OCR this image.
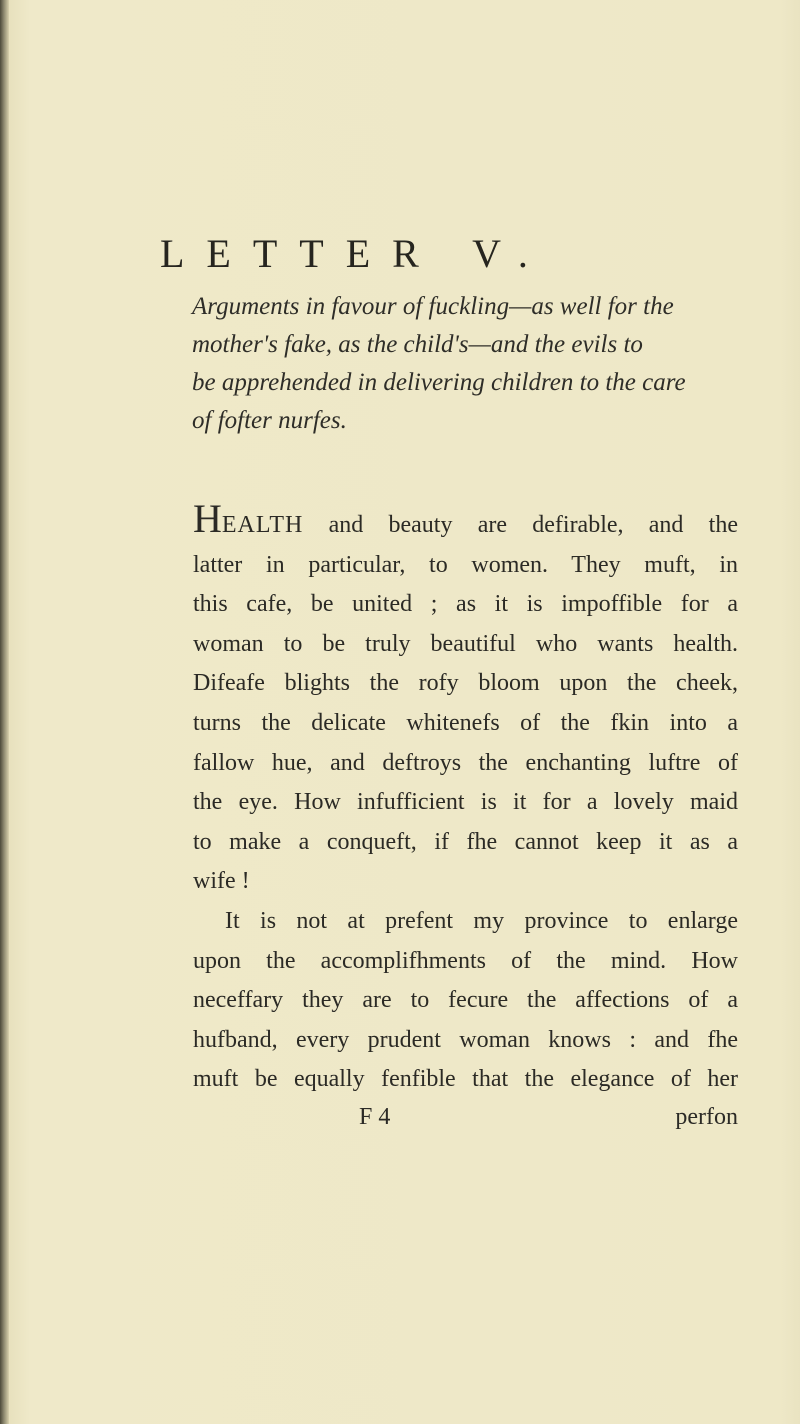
LETTER V.
Arguments in favour of fuckling—as well for the
mother's fake, as the child's—and the evils to
be apprehended in delivering children to the care
of fofter nurfes.
HEALTH and beauty are defirable, and the
latter in particular, to women. They muft, in
this cafe, be united ; as it is impoffible for a
woman to be truly beautiful who wants health.
Difeafe blights the rofy bloom upon the cheek,
turns the delicate whitenefs of the fkin into a
fallow hue, and deftroys the enchanting luftre of
the eye. How infufficient is it for a lovely maid
to make a conqueft, if fhe cannot keep it as a
wife !
It is not at prefent my province to enlarge
upon the accomplifhments of the mind. How
neceffary they are to fecure the affections of a
hufband, every prudent woman knows : and fhe
muft be equally fenfible that the elegance of her
F 4	perfon
